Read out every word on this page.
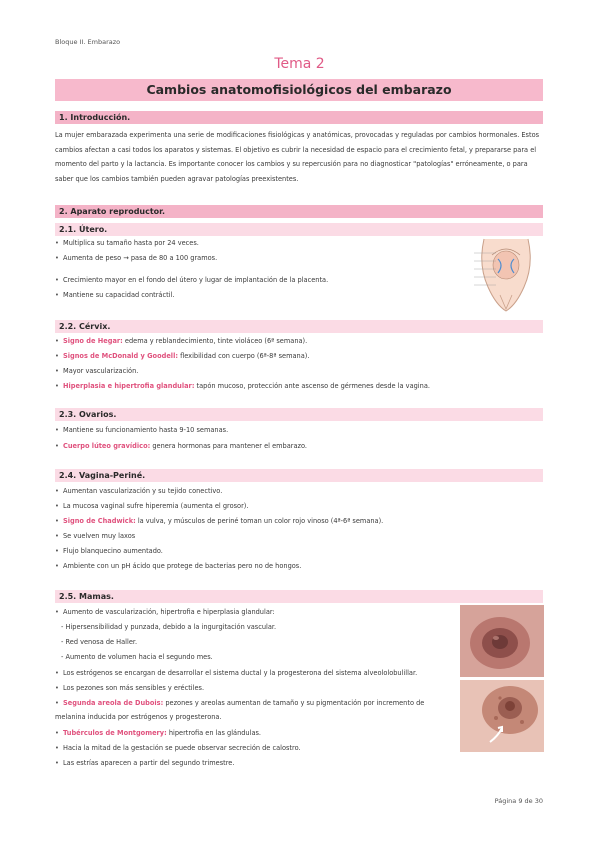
Bloque II. Embarazo
Tema 2
Cambios anatomofisiológicos del embarazo
1. Introducción.
La mujer embarazada experimenta una serie de modificaciones fisiológicas y anatómicas, provocadas y reguladas por cambios hormonales. Estos cambios afectan a casi todos los aparatos y sistemas. El objetivo es cubrir la necesidad de espacio para el crecimiento fetal, y prepararse para el momento del parto y la lactancia. Es importante conocer los cambios y su repercusión para no diagnosticar "patologías" erróneamente, o para saber que los cambios también pueden agravar patologías preexistentes.
2. Aparato reproductor.
2.1. Útero.
• Multiplica su tamaño hasta por 24 veces.
• Aumenta de peso → pasa de 80 a 100 gramos.
• Crecimiento mayor en el fondo del útero y lugar de implantación de la placenta.
• Mantiene su capacidad contráctil.
2.2. Cérvix.
• Signo de Hegar: edema y reblandecimiento, tinte violáceo (6ª semana).
• Signos de McDonald y Goodell: flexibilidad con cuerpo (6ª-8ª semana).
• Mayor vascularización.
• Hiperplasia e hipertrofia glandular: tapón mucoso, protección ante ascenso de gérmenes desde la vagina.
2.3. Ovarios.
• Mantiene su funcionamiento hasta 9-10 semanas.
• Cuerpo lúteo gravídico: genera hormonas para mantener el embarazo.
2.4. Vagina-Periné.
• Aumentan vascularización y su tejido conectivo.
• La mucosa vaginal sufre hiperemia (aumenta el grosor).
• Signo de Chadwick: la vulva, y músculos de periné toman un color rojo vinoso (4ª-6ª semana).
• Se vuelven muy laxos
• Flujo blanquecino aumentado.
• Ambiente con un pH ácido que protege de bacterias pero no de hongos.
2.5. Mamas.
• Aumento de vascularización, hipertrofia e hiperplasia glandular:
- Hipersensibilidad y punzada, debido a la ingurgitación vascular.
- Red venosa de Haller.
- Aumento de volumen hacia el segundo mes.
• Los estrógenos se encargan de desarrollar el sistema ductal y la progesterona del sistema alveololobulillar.
• Los pezones son más sensibles y eréctiles.
• Segunda areola de Dubois: pezones y areolas aumentan de tamaño y su pigmentación por incremento de melanina inducida por estrógenos y progesterona.
• Tubérculos de Montgomery: hipertrofia en las glándulas.
• Hacia la mitad de la gestación se puede observar secreción de calostro.
• Las estrías aparecen a partir del segundo trimestre.
Página 9 de 30
